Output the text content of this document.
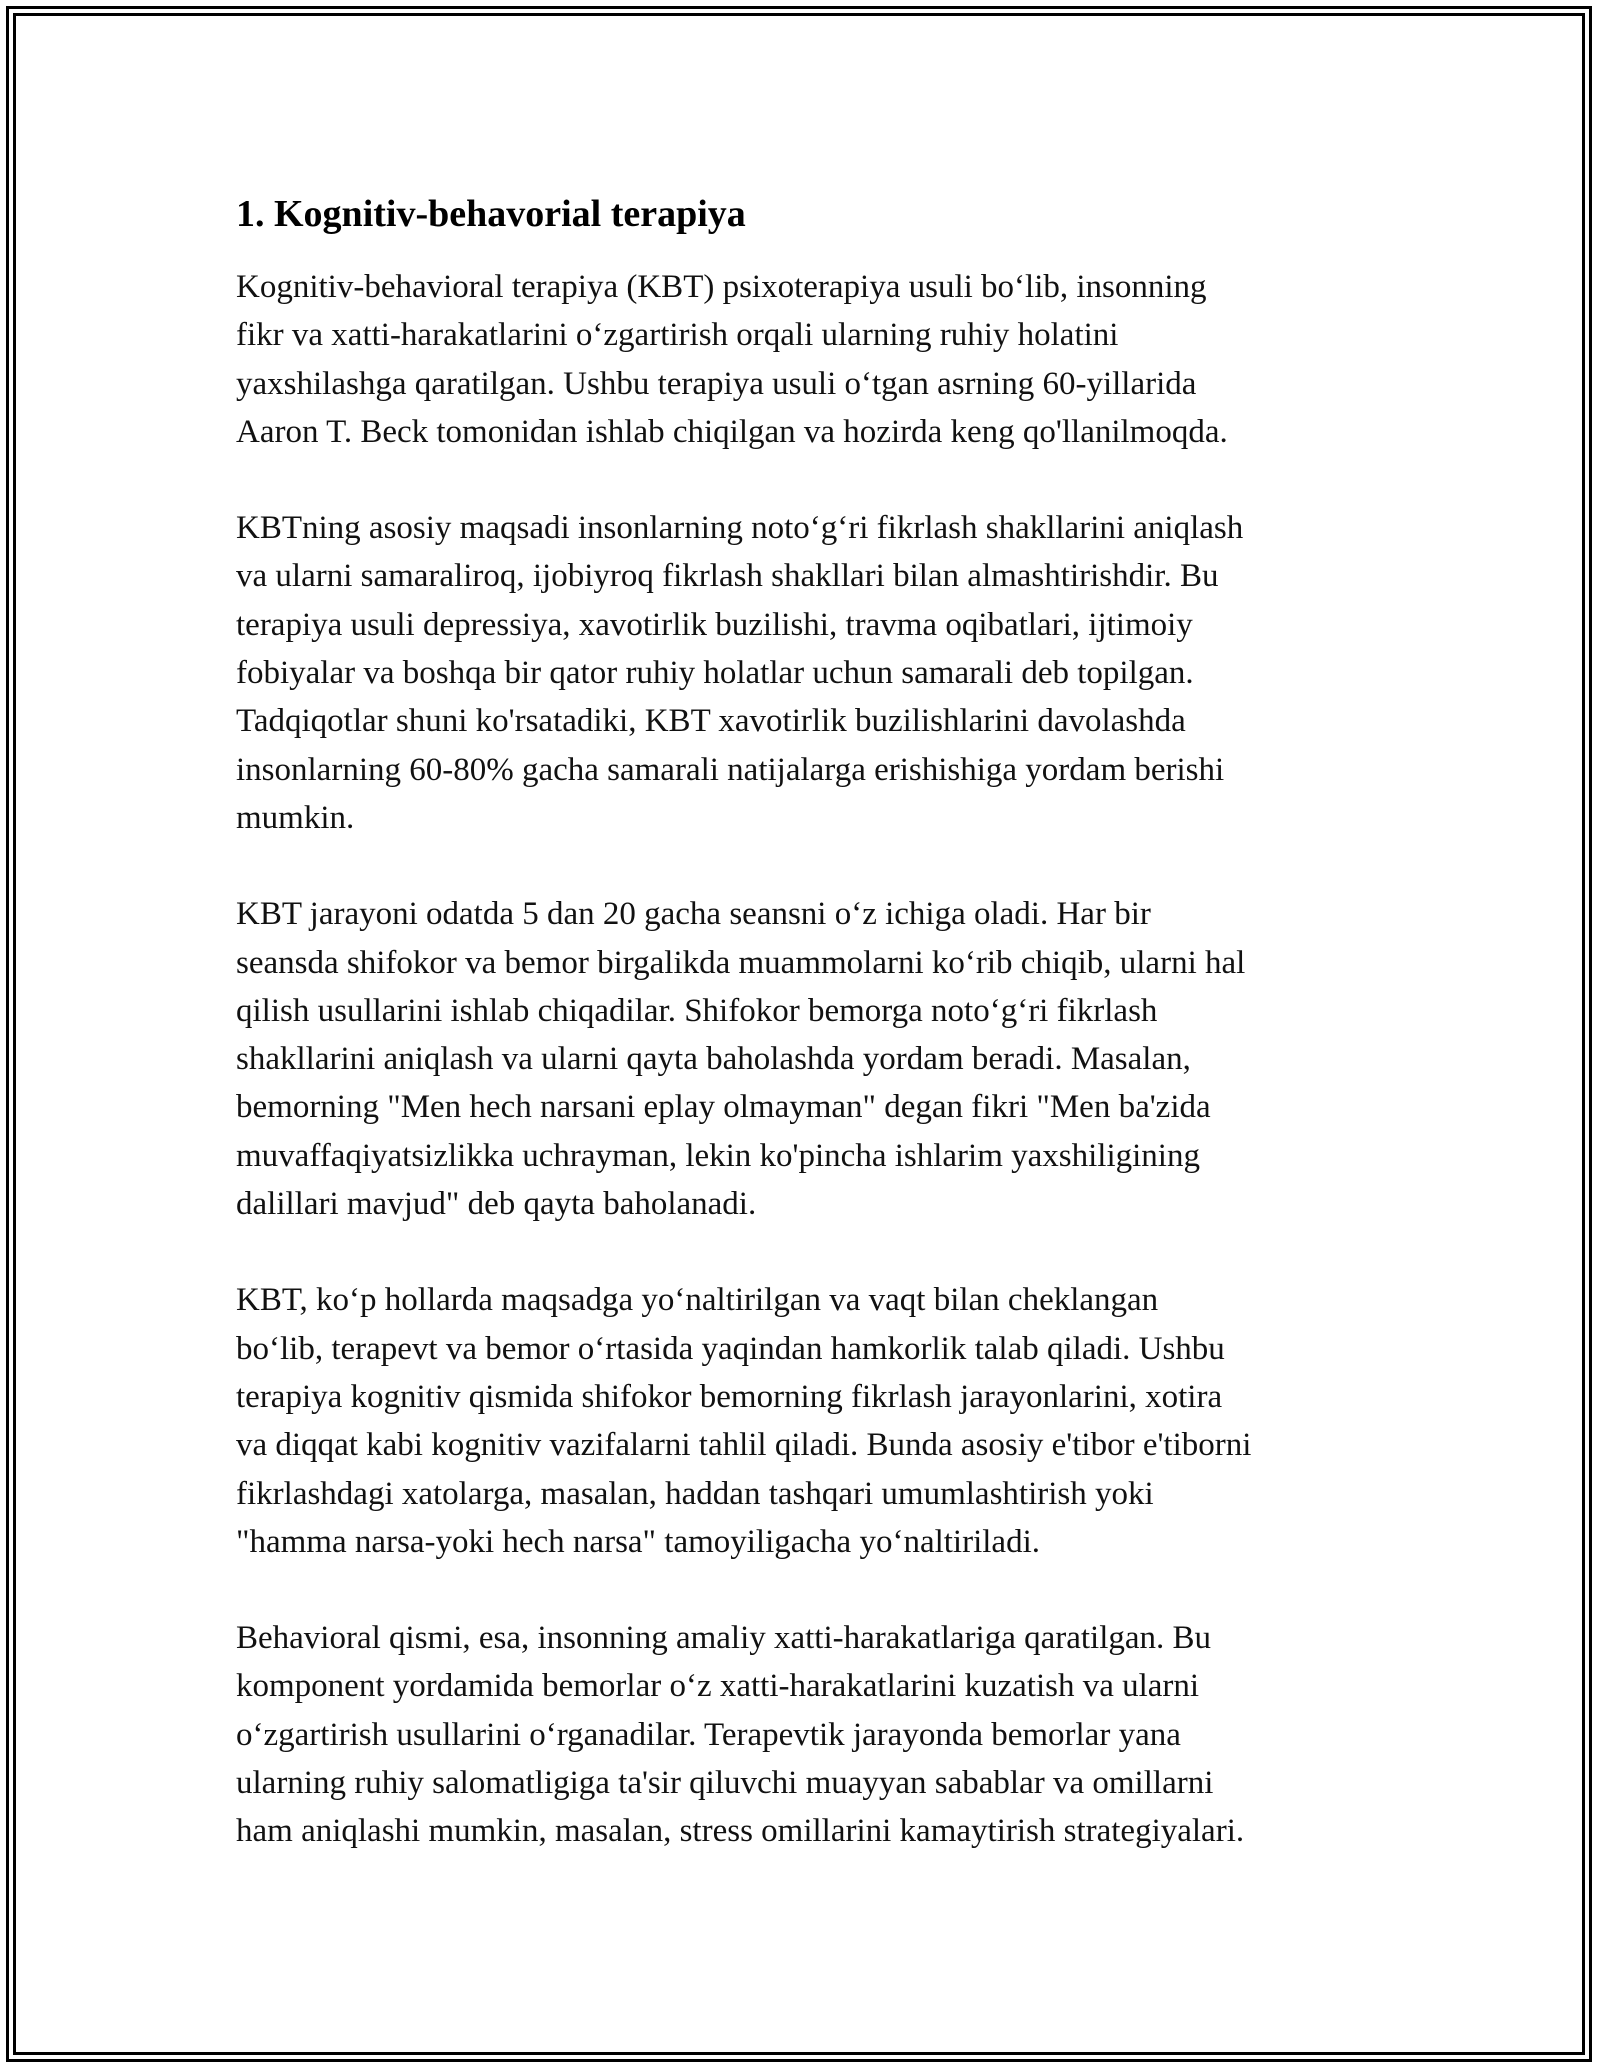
1. Kognitiv-behavorial terapiya

Kognitiv-behavioral terapiya (KBT) psixoterapiya usuli bo‘lib, insonning
fikr va xatti-harakatlarini o‘zgartirish orqali ularning ruhiy holatini
yaxshilashga qaratilgan. Ushbu terapiya usuli o‘tgan asrning 60-yillarida
Aaron T. Beck tomonidan ishlab chiqilgan va hozirda keng qo'llanilmoqda.

KBTning asosiy maqsadi insonlarning noto‘g‘ri fikrlash shakllarini aniqlash
va ularni samaraliroq, ijobiyroq fikrlash shakllari bilan almashtirishdir. Bu
terapiya usuli depressiya, xavotirlik buzilishi, travma oqibatlari, ijtimoiy
fobiyalar va boshqa bir qator ruhiy holatlar uchun samarali deb topilgan.
Tadqiqotlar shuni ko'rsatadiki, KBT xavotirlik buzilishlarini davolashda
insonlarning 60-80% gacha samarali natijalarga erishishiga yordam berishi
mumkin.

KBT jarayoni odatda 5 dan 20 gacha seansni o‘z ichiga oladi. Har bir
seansda shifokor va bemor birgalikda muammolarni ko‘rib chiqib, ularni hal
qilish usullarini ishlab chiqadilar. Shifokor bemorga noto‘g‘ri fikrlash
shakllarini aniqlash va ularni qayta baholashda yordam beradi. Masalan,
bemorning "Men hech narsani eplay olmayman" degan fikri "Men ba'zida
muvaffaqiyatsizlikka uchrayman, lekin ko'pincha ishlarim yaxshiligining
dalillari mavjud" deb qayta baholanadi.

KBT, ko‘p hollarda maqsadga yo‘naltirilgan va vaqt bilan cheklangan
bo‘lib, terapevt va bemor o‘rtasida yaqindan hamkorlik talab qiladi. Ushbu
terapiya kognitiv qismida shifokor bemorning fikrlash jarayonlarini, xotira
va diqqat kabi kognitiv vazifalarni tahlil qiladi. Bunda asosiy e'tibor e'tiborni
fikrlashdagi xatolarga, masalan, haddan tashqari umumlashtirish yoki
"hamma narsa-yoki hech narsa" tamoyiligacha yo‘naltiriladi.

Behavioral qismi, esa, insonning amaliy xatti-harakatlariga qaratilgan. Bu
komponent yordamida bemorlar o‘z xatti-harakatlarini kuzatish va ularni
o‘zgartirish usullarini o‘rganadilar. Terapevtik jarayonda bemorlar yana
ularning ruhiy salomatligiga ta'sir qiluvchi muayyan sabablar va omillarni
ham aniqlashi mumkin, masalan, stress omillarini kamaytirish strategiyalari.
